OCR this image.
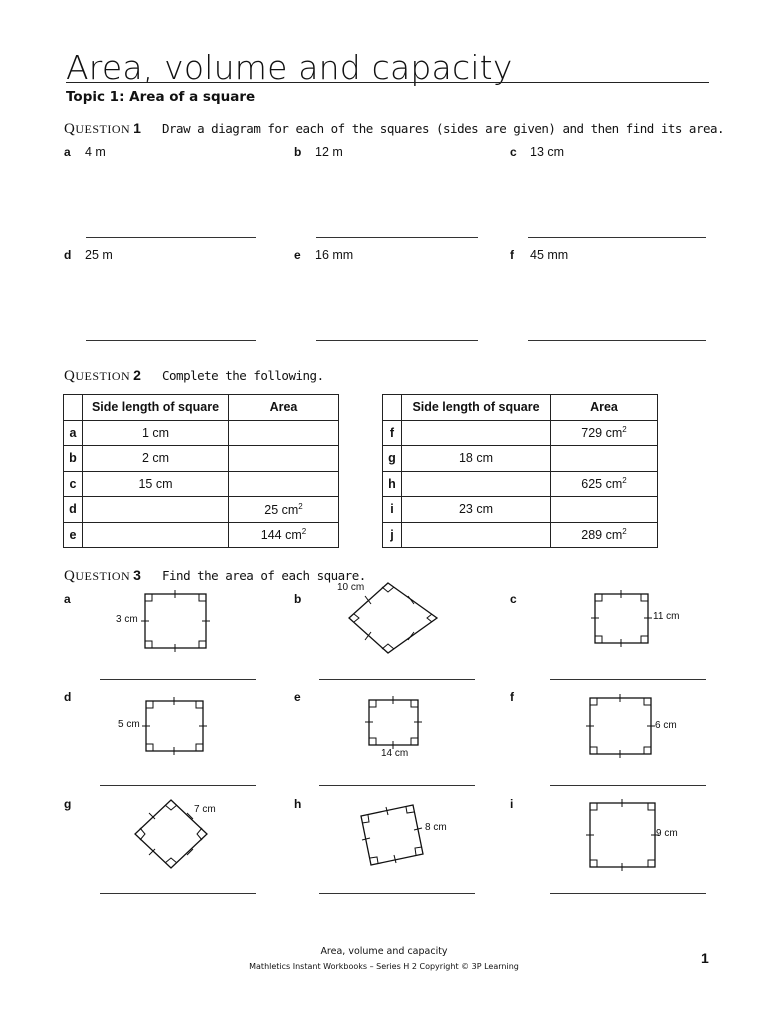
Area, volume and capacity
Topic 1: Area of a square
QUESTION 1 Draw a diagram for each of the squares (sides are given) and then find its area.
a 4 m	b 12 m	c 13 cm
d 25 m	e 16 mm	f 45 mm
QUESTION 2 Complete the following.
	Side length of square	Area
a	1 cm	
b	2 cm	
c	15 cm	
d		25 $cm^2$
e		144 $cm^2$
	Side length of square	Area
f		729 $cm^2$
g	18 cm	
h		625 $cm^2$
i	23 cm	
j		289 $cm^2$
QUESTION 3 Find the area of each square.
a	b	c
3 cm
10 cm
11 cm
d	e	f
5 cm
14 cm
6 cm
g	h	i
7 cm
8 cm
9 cm
Area, volume and capacity
Mathletics Instant Workbooks – Series H 2 Copyright © 3P Learning
1
